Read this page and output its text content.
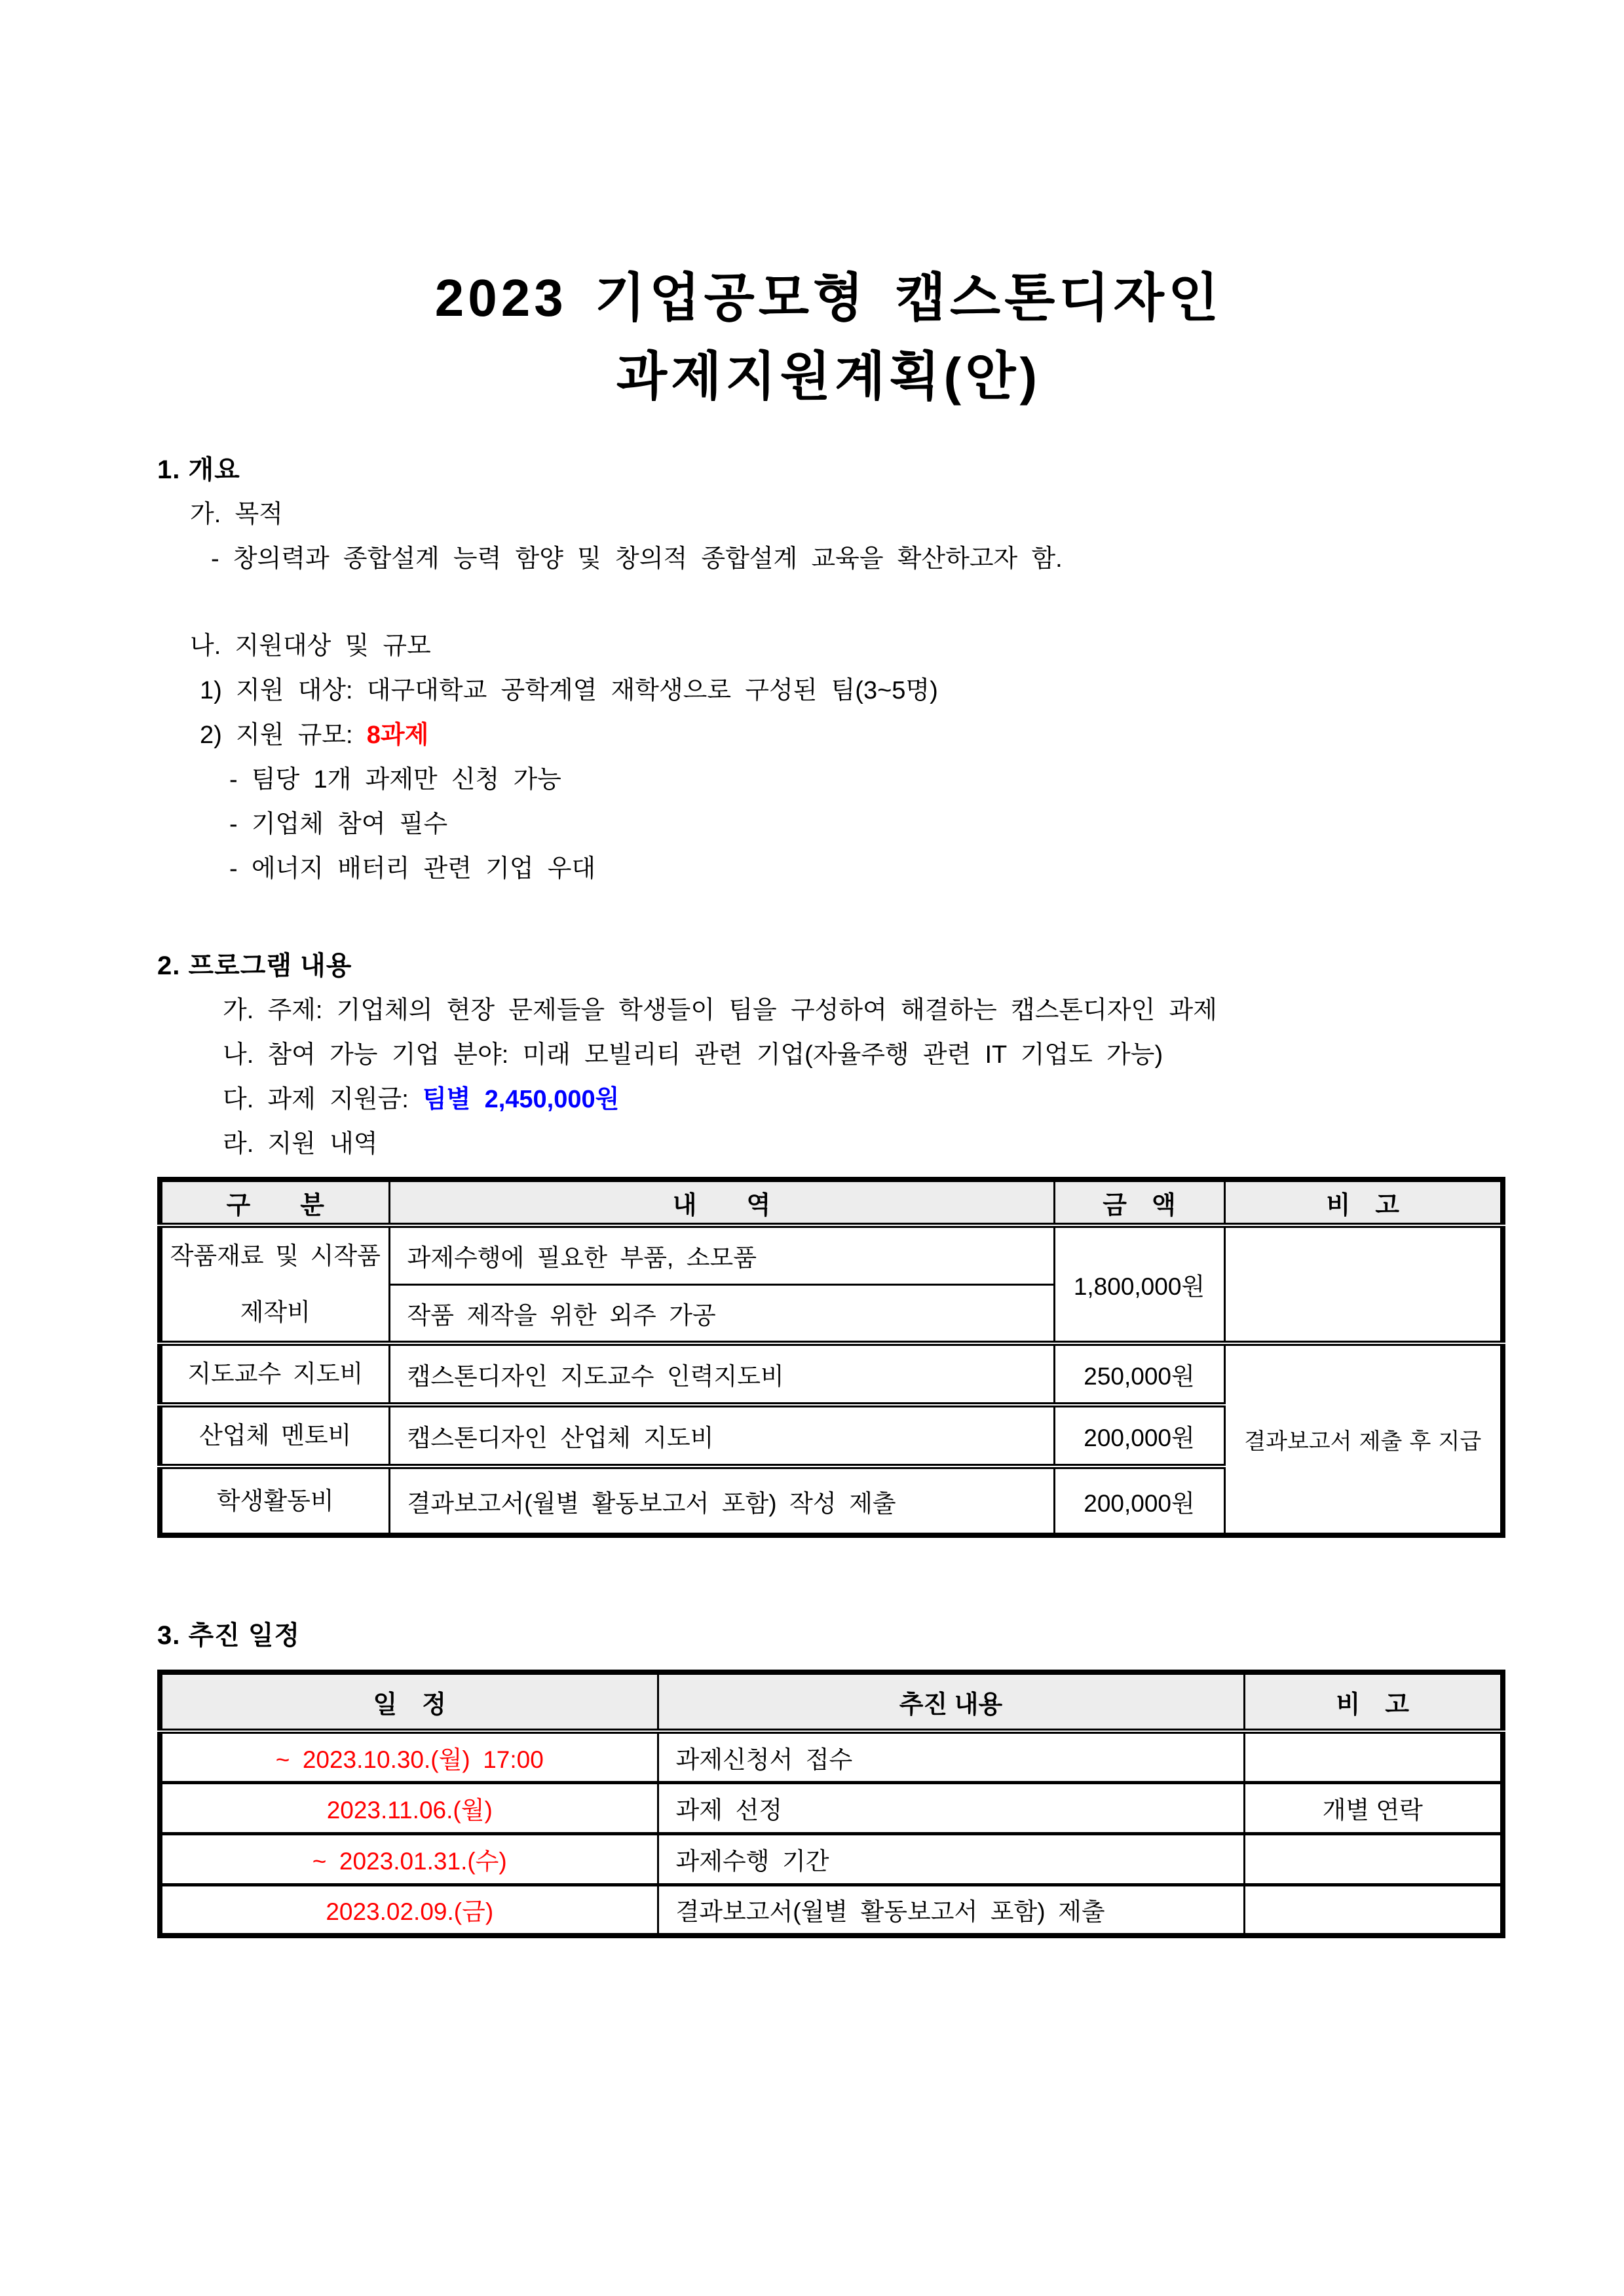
2023 기업공모형 캡스톤디자인
과제지원계획(안)
1. 개요
가. 목적
- 창의력과 종합설계 능력 함양 및 창의적 종합설계 교육을 확산하고자 함.
나. 지원대상 및 규모
1) 지원 대상: 대구대학교 공학계열 재학생으로 구성된 팀(3~5명)
2) 지원 규모: 8과제
- 팀당 1개 과제만 신청 가능
- 기업체 참여 필수
- 에너지 배터리 관련 기업 우대
2. 프로그램 내용
가. 주제: 기업체의 현장 문제들을 학생들이 팀을 구성하여 해결하는 캡스톤디자인 과제
나. 참여 가능 기업 분야: 미래 모빌리티 관련 기업(자율주행 관련 IT 기업도 가능)
다. 과제 지원금: 팀별 2,450,000원
라. 지원 내역
구　　분	내　　역	금　액	비　고
작품재료 및 시작품제작비	과제수행에 필요한 부품, 소모품	1,800,000원	
	작품 제작을 위한 외주 가공		
지도교수 지도비	캡스톤디자인 지도교수 인력지도비	250,000원	결과보고서 제출 후 지급
산업체 멘토비	캡스톤디자인 산업체 지도비	200,000원	
학생활동비	결과보고서(월별 활동보고서 포함) 작성 제출	200,000원	
3. 추진 일정
일　정	추진 내용	비　고
~ 2023.10.30.(월) 17:00	과제신청서 접수	
2023.11.06.(월)	과제 선정	개별 연락
~ 2023.01.31.(수)	과제수행 기간	
2023.02.09.(금)	결과보고서(월별 활동보고서 포함) 제출	
